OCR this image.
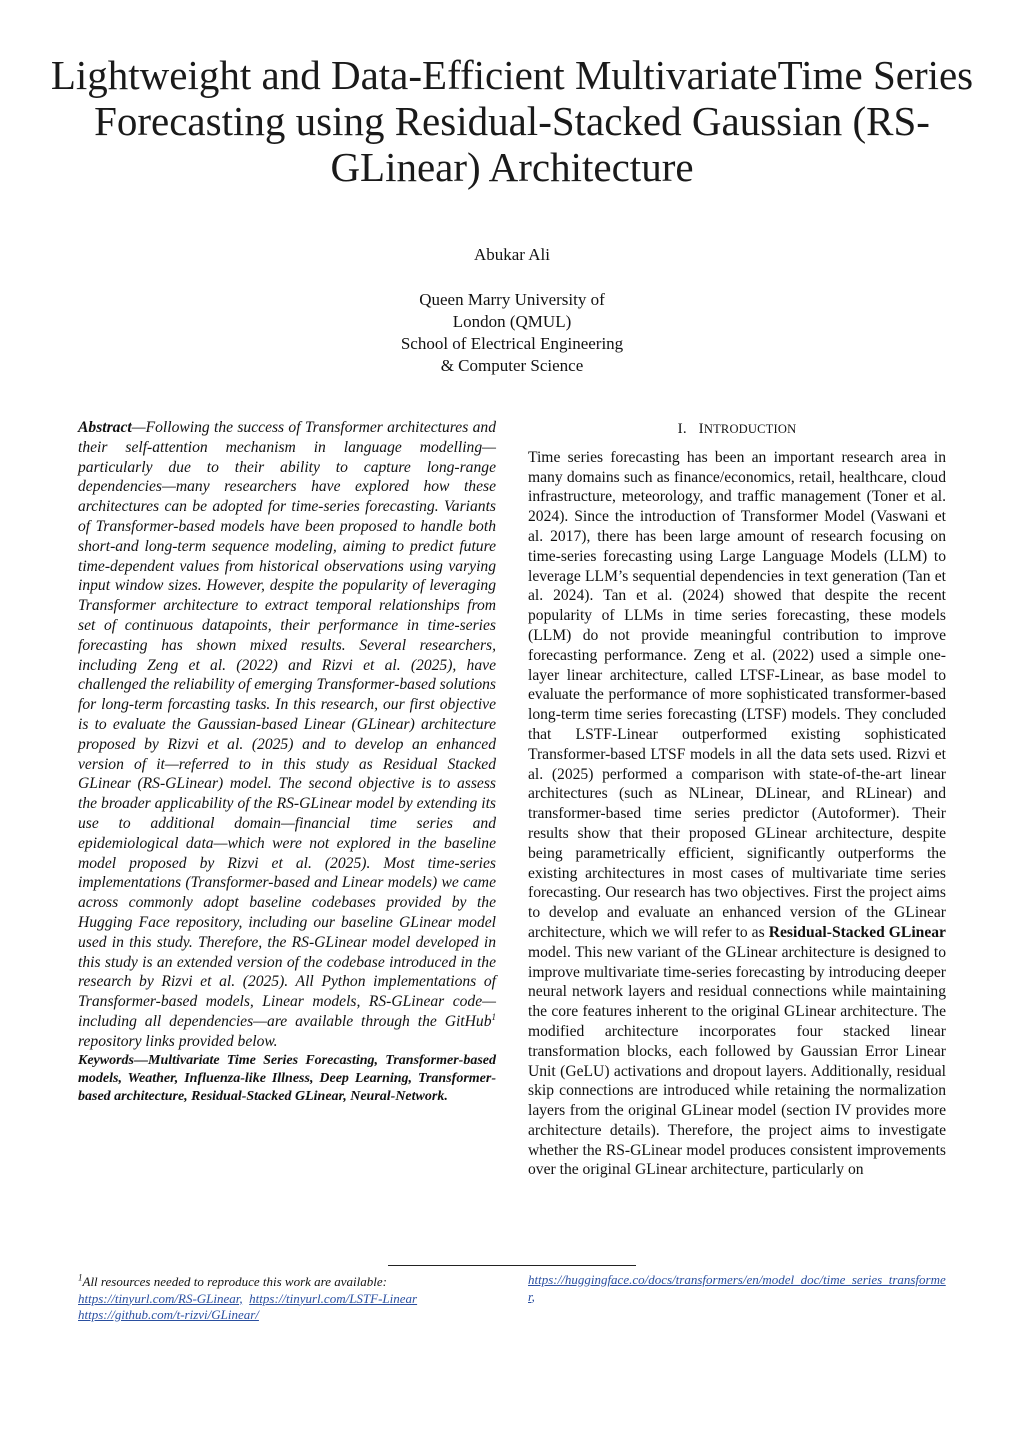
Lightweight and Data-Efficient MultivariateTime Series Forecasting using Residual-Stacked Gaussian (RS-GLinear) Architecture
Abukar Ali
Queen Marry University of
London (QMUL)
School of Electrical Engineering
& Computer Science

Abstract—Following the success of Transformer architectures and their self-attention mechanism in language modelling—particularly due to their ability to capture long-range dependencies—many researchers have explored how these architectures can be adopted for time-series forecasting. Variants of Transformer-based models have been proposed to handle both short-and long-term sequence modeling, aiming to predict future time-dependent values from historical observations using varying input window sizes. However, despite the popularity of leveraging Transformer architecture to extract temporal relationships from set of continuous datapoints, their performance in time-series forecasting has shown mixed results. Several researchers, including Zeng et al. (2022) and Rizvi et al. (2025), have challenged the reliability of emerging Transformer-based solutions for long-term forcasting tasks. In this research, our first objective is to evaluate the Gaussian-based Linear (GLinear) architecture proposed by Rizvi et al. (2025) and to develop an enhanced version of it—referred to in this study as Residual Stacked GLinear (RS-GLinear) model. The second objective is to assess the broader applicability of the RS-GLinear model by extending its use to additional domain—financial time series and epidemiological data—which were not explored in the baseline model proposed by Rizvi et al. (2025). Most time-series implementations (Transformer-based and Linear models) we came across commonly adopt baseline codebases provided by the Hugging Face repository, including our baseline GLinear model used in this study. Therefore, the RS-GLinear model developed in this study is an extended version of the codebase introduced in the research by Rizvi et al. (2025). All Python implementations of Transformer-based models, Linear models, RS-GLinear code—including all dependencies—are available through the GitHub$^1$ repository links provided below.

Keywords—Multivariate Time Series Forecasting, Transformer-based models, Weather, Influenza-like Illness, Deep Learning, Transformer-based architecture, Residual-Stacked GLinear, Neural-Network.

I. INTRODUCTION

Time series forecasting has been an important research area in many domains such as finance/economics, retail, healthcare, cloud infrastructure, meteorology, and traffic management (Toner et al. 2024). Since the introduction of Transformer Model (Vaswani et al. 2017), there has been large amount of research focusing on time-series forecasting using Large Language Models (LLM) to leverage LLM’s sequential dependencies in text generation (Tan et al. 2024). Tan et al. (2024) showed that despite the recent popularity of LLMs in time series forecasting, these models (LLM) do not provide meaningful contribution to improve forecasting performance. Zeng et al. (2022) used a simple one-layer linear architecture, called LTSF-Linear, as base model to evaluate the performance of more sophisticated transformer-based long-term time series forecasting (LTSF) models. They concluded that LSTF-Linear outperformed existing sophisticated Transformer-based LTSF models in all the data sets used. Rizvi et al. (2025) performed a comparison with state-of-the-art linear architectures (such as NLinear, DLinear, and RLinear) and transformer-based time series predictor (Autoformer). Their results show that their proposed GLinear architecture, despite being parametrically efficient, significantly outperforms the existing architectures in most cases of multivariate time series forecasting. Our research has two objectives. First the project aims to develop and evaluate an enhanced version of the GLinear architecture, which we will refer to as Residual-Stacked GLinear model. This new variant of the GLinear architecture is designed to improve multivariate time-series forecasting by introducing deeper neural network layers and residual connections while maintaining the core features inherent to the original GLinear architecture. The modified architecture incorporates four stacked linear transformation blocks, each followed by Gaussian Error Linear Unit (GeLU) activations and dropout layers. Additionally, residual skip connections are introduced while retaining the normalization layers from the original GLinear model (section IV provides more architecture details). Therefore, the project aims to investigate whether the RS-GLinear model produces consistent improvements over the original GLinear architecture, particularly on

$^1$All resources needed to reproduce this work are available:
https://tinyurl.com/RS-GLinear, https://tinyurl.com/LSTF-Linear
https://github.com/t-rizvi/GLinear/
https://huggingface.co/docs/transformers/en/model_doc/time_series_transformer,
